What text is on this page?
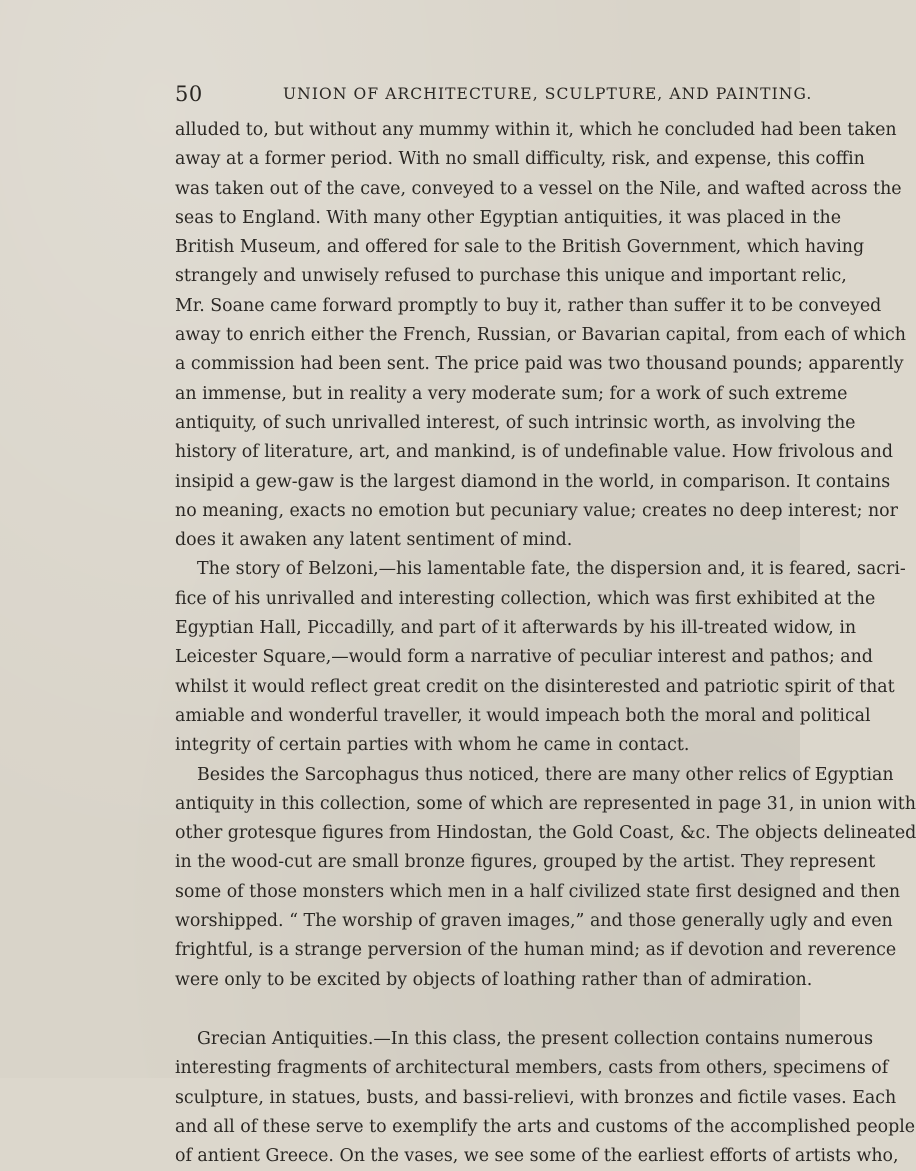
50	UNION OF ARCHITECTURE, SCULPTURE, AND PAINTING.
alluded to, but without any mummy within it, which he concluded had been taken
away at a former period. With no small difficulty, risk, and expense, this coffin
was taken out of the cave, conveyed to a vessel on the Nile, and wafted across the
seas to England. With many other Egyptian antiquities, it was placed in the
British Museum, and offered for sale to the British Government, which having
strangely and unwisely refused to purchase this unique and important relic,
Mr. Soane came forward promptly to buy it, rather than suffer it to be conveyed
away to enrich either the French, Russian, or Bavarian capital, from each of which
a commission had been sent. The price paid was two thousand pounds; apparently
an immense, but in reality a very moderate sum; for a work of such extreme
antiquity, of such unrivalled interest, of such intrinsic worth, as involving the
history of literature, art, and mankind, is of undefinable value. How frivolous and
insipid a gew-gaw is the largest diamond in the world, in comparison. It contains
no meaning, exacts no emotion but pecuniary value; creates no deep interest; nor
does it awaken any latent sentiment of mind.
The story of Belzoni,—his lamentable fate, the dispersion and, it is feared, sacri-
fice of his unrivalled and interesting collection, which was first exhibited at the
Egyptian Hall, Piccadilly, and part of it afterwards by his ill-treated widow, in
Leicester Square,—would form a narrative of peculiar interest and pathos; and
whilst it would reflect great credit on the disinterested and patriotic spirit of that
amiable and wonderful traveller, it would impeach both the moral and political
integrity of certain parties with whom he came in contact.
Besides the Sarcophagus thus noticed, there are many other relics of Egyptian
antiquity in this collection, some of which are represented in page 31, in union with
other grotesque figures from Hindostan, the Gold Coast, &c. The objects delineated
in the wood-cut are small bronze figures, grouped by the artist. They represent
some of those monsters which men in a half civilized state first designed and then
worshipped. “ The worship of graven images,” and those generally ugly and even
frightful, is a strange perversion of the human mind; as if devotion and reverence
were only to be excited by objects of loathing rather than of admiration.
Grecian Antiquities.—In this class, the present collection contains numerous
interesting fragments of architectural members, casts from others, specimens of
sculpture, in statues, busts, and bassi-relievi, with bronzes and fictile vases. Each
and all of these serve to exemplify the arts and customs of the accomplished people
of antient Greece. On the vases, we see some of the earliest efforts of artists who,
